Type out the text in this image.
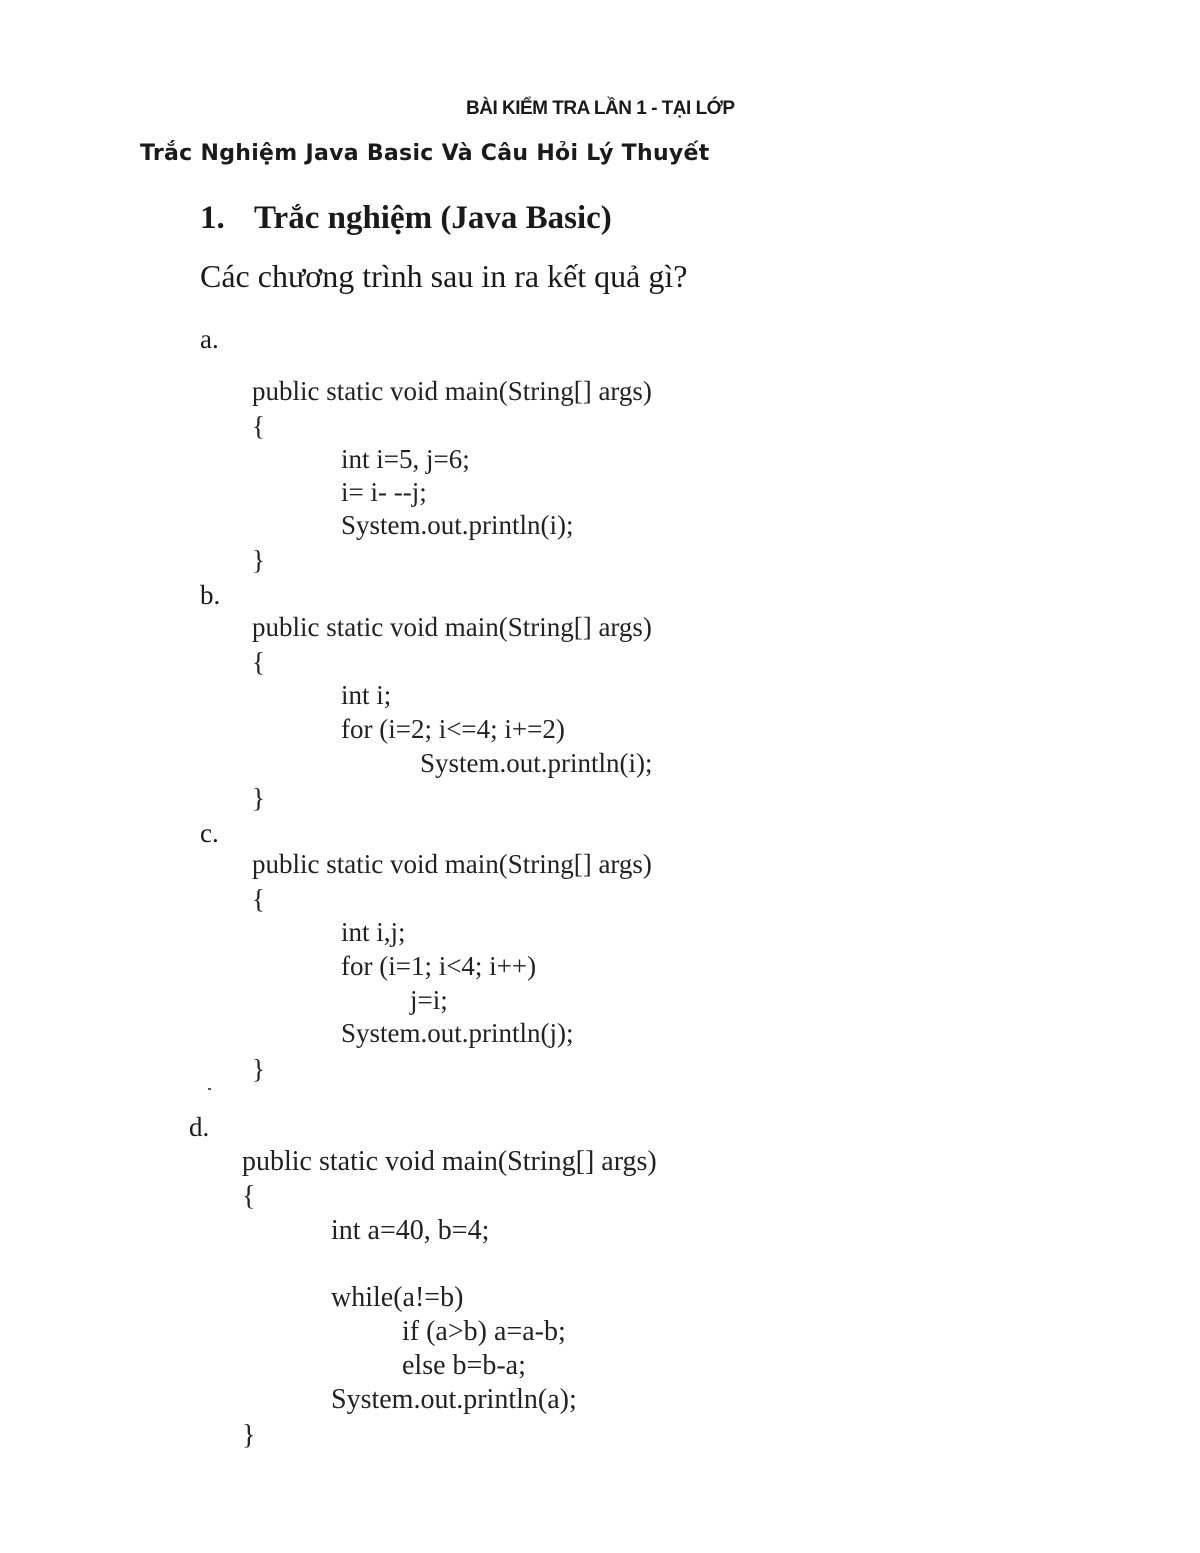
BÀI KIỂM TRA LẦN 1 - TẠI LỚP
Trắc Nghiệm Java Basic Và Câu Hỏi Lý Thuyết
1. Trắc nghiệm (Java Basic)
Các chương trình sau in ra kết quả gì?
a.
public static void main(String[] args)
{
int i=5, j=6;
i= i- --j;
System.out.println(i);
}
b.
public static void main(String[] args)
{
int i;
for (i=2; i<=4; i+=2)
System.out.println(i);
}
c.
public static void main(String[] args)
{
int i,j;
for (i=1; i<4; i++)
j=i;
System.out.println(j);
}
d.
public static void main(String[] args)
{
int a=40, b=4;
while(a!=b)
if (a>b) a=a-b;
else b=b-a;
System.out.println(a);
}
